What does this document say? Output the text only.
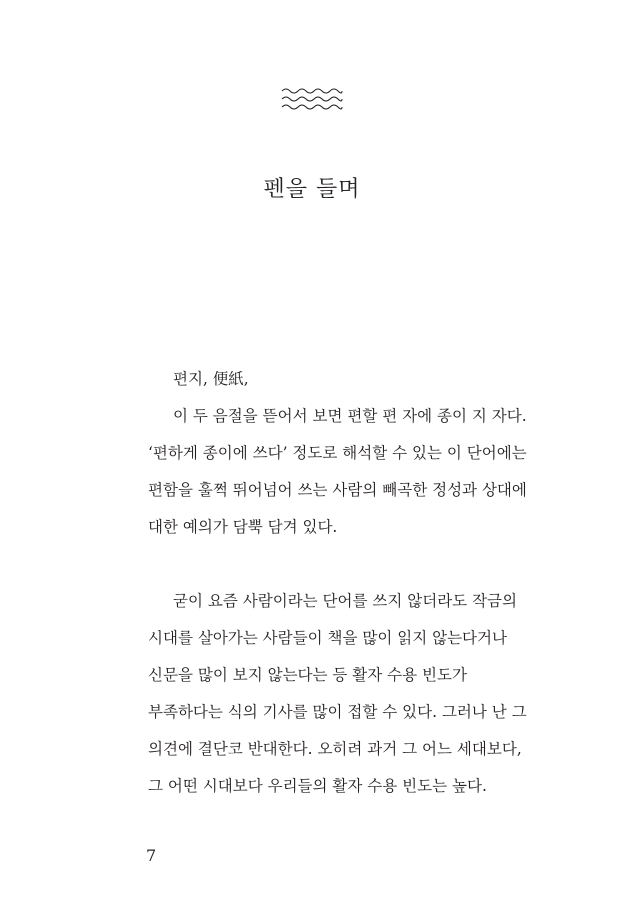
펜을 들며

편지, 便紙,
이 두 음절을 뜯어서 보면 편할 편 자에 종이 지 자다.
‘편하게 종이에 쓰다’ 정도로 해석할 수 있는 이 단어에는
편함을 훌쩍 뛰어넘어 쓰는 사람의 빼곡한 정성과 상대에
대한 예의가 담뿍 담겨 있다.

굳이 요즘 사람이라는 단어를 쓰지 않더라도 작금의
시대를 살아가는 사람들이 책을 많이 읽지 않는다거나
신문을 많이 보지 않는다는 등 활자 수용 빈도가
부족하다는 식의 기사를 많이 접할 수 있다. 그러나 난 그
의견에 결단코 반대한다. 오히려 과거 그 어느 세대보다,
그 어떤 시대보다 우리들의 활자 수용 빈도는 높다.

7
